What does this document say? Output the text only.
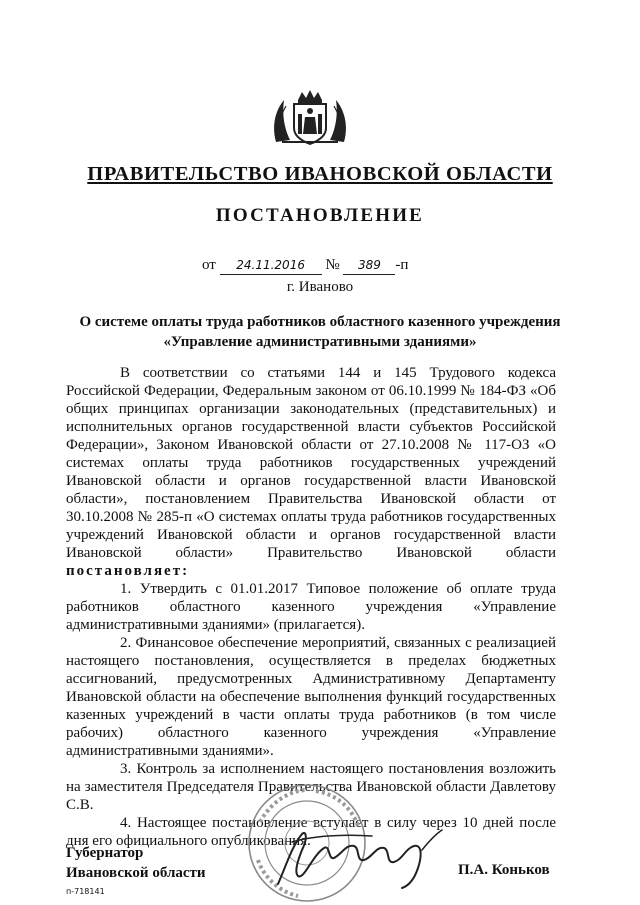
ПРАВИТЕЛЬСТВО ИВАНОВСКОЙ ОБЛАСТИ
ПОСТАНОВЛЕНИЕ
от 24.11.2016 № 389 -п
г. Иваново
О системе оплаты труда работников областного казенного учреждения
«Управление административными зданиями»

В соответствии со статьями 144 и 145 Трудового кодекса Российской Федерации, Федеральным законом от 06.10.1999 № 184-ФЗ «Об общих принципах организации законодательных (представительных) и исполнительных органов государственной власти субъектов Российской Федерации», Законом Ивановской области от 27.10.2008 № 117-ОЗ «О системах оплаты труда работников государственных учреждений Ивановской области и органов государственной власти Ивановской области», постановлением Правительства Ивановской области от 30.10.2008 № 285-п «О системах оплаты труда работников государственных учреждений Ивановской области и органов государственной власти Ивановской области» Правительство Ивановской области постановляет:

1. Утвердить с 01.01.2017 Типовое положение об оплате труда работников областного казенного учреждения «Управление административными зданиями» (прилагается).

2. Финансовое обеспечение мероприятий, связанных с реализацией настоящего постановления, осуществляется в пределах бюджетных ассигнований, предусмотренных Административному Департаменту Ивановской области на обеспечение выполнения функций государственных казенных учреждений в части оплаты труда работников (в том числе рабочих) областного казенного учреждения «Управление административными зданиями».

3. Контроль за исполнением настоящего постановления возложить на заместителя Председателя Правительства Ивановской области Давлетову С.В.

4. Настоящее постановление вступает в силу через 10 дней после дня его официального опубликования.

Губернатор
Ивановской области	П.А. Коньков
п-718141
